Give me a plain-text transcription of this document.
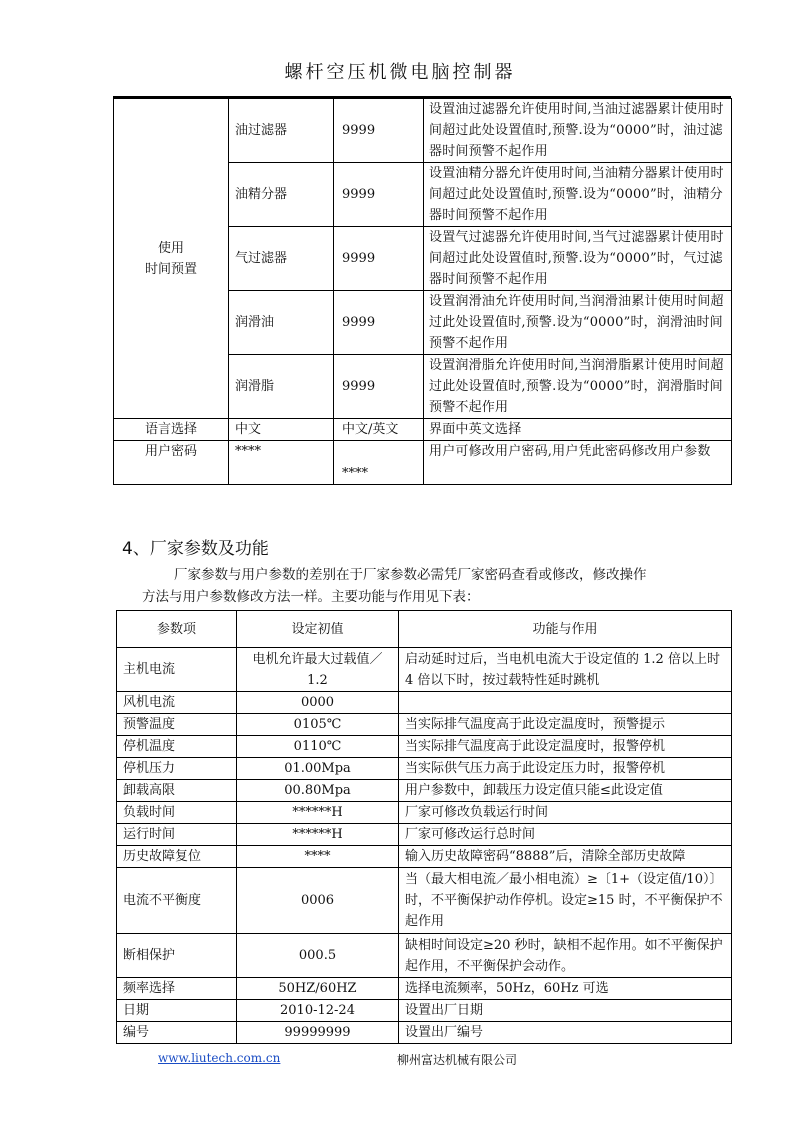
螺杆空压机微电脑控制器
使用
时间预置	油过滤器	9999	设置油过滤器允许使用时间,当油过滤器累计使用时间超过此处设置值时,预警.设为“0000”时，油过滤器时间预警不起作用
	油精分器	9999	设置油精分器允许使用时间,当油精分器累计使用时间超过此处设置值时,预警.设为“0000”时，油精分器时间预警不起作用
	气过滤器	9999	设置气过滤器允许使用时间,当气过滤器累计使用时间超过此处设置值时,预警.设为“0000”时，气过滤器时间预警不起作用
	润滑油	9999	设置润滑油允许使用时间,当润滑油累计使用时间超过此处设置值时,预警.设为“0000”时，润滑油时间预警不起作用
	润滑脂	9999	设置润滑脂允许使用时间,当润滑脂累计使用时间超过此处设置值时,预警.设为“0000”时，润滑脂时间预警不起作用
语言选择	中文	中文/英文	界面中英文选择
用户密码	****	****	用户可修改用户密码,用户凭此密码修改用户参数
4、厂家参数及功能
厂家参数与用户参数的差别在于厂家参数必需凭厂家密码查看或修改，修改操作
方法与用户参数修改方法一样。主要功能与作用见下表：
参数项	设定初值	功能与作用
主机电流	电机允许最大过载值／1.2	启动延时过后，当电机电流大于设定值的 1.2 倍以上时 4 倍以下时，按过载特性延时跳机
风机电流	0000	
预警温度	0105℃	当实际排气温度高于此设定温度时，预警提示
停机温度	0110℃	当实际排气温度高于此设定温度时，报警停机
停机压力	01.00Mpa	当实际供气压力高于此设定压力时，报警停机
卸载高限	00.80Mpa	用户参数中，卸载压力设定值只能≤此设定值
负载时间	******H	厂家可修改负载运行时间
运行时间	******H	厂家可修改运行总时间
历史故障复位	****	输入历史故障密码“8888”后，清除全部历史故障
电流不平衡度	0006	当（最大相电流／最小相电流）≥〔1+（设定值/10）〕时，不平衡保护动作停机。设定≥15 时，不平衡保护不起作用
断相保护	000.5	缺相时间设定≥20 秒时，缺相不起作用。如不平衡保护起作用，不平衡保护会动作。
频率选择	50HZ/60HZ	选择电流频率，50Hz，60Hz 可选
日期	2010-12-24	设置出厂日期
编号	99999999	设置出厂编号
www.liutech.com.cn	柳州富达机械有限公司
